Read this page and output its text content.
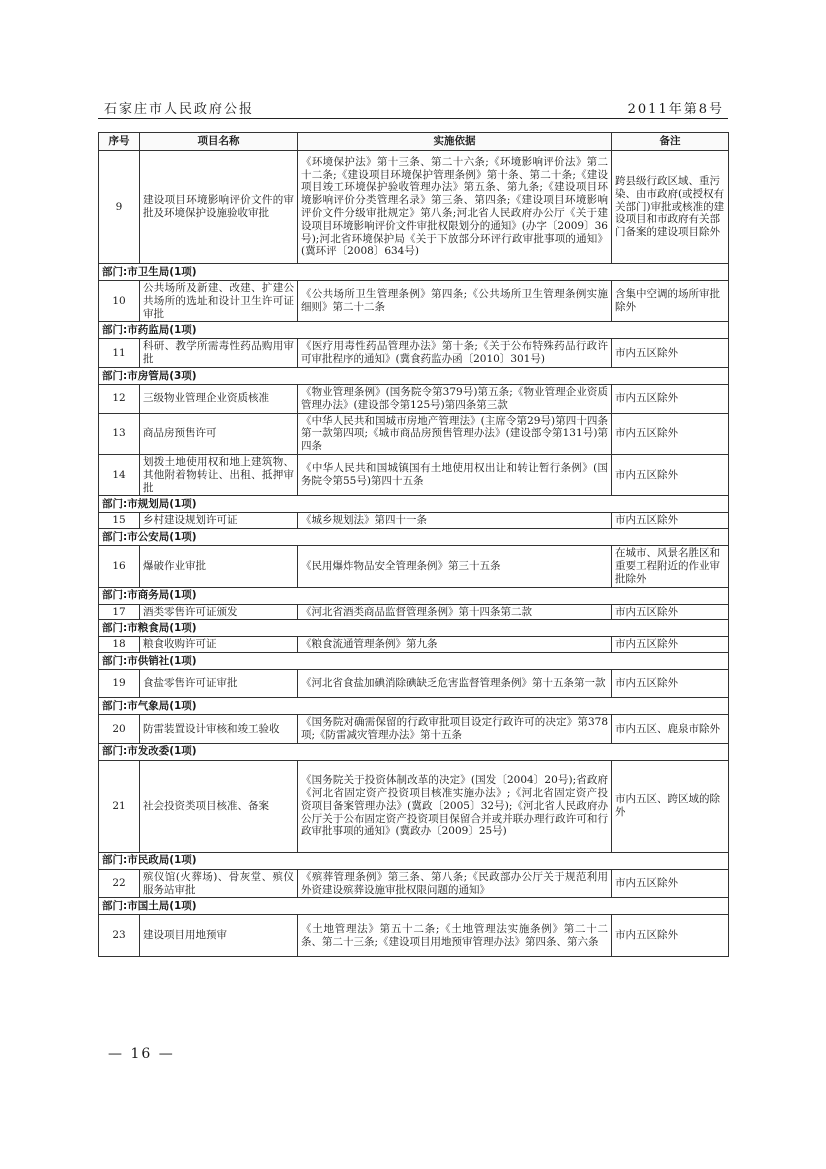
石家庄市人民政府公报	2011年第8号
序号	项目名称	实施依据	备注
9	建设项目环境影响评价文件的审批及环境保护设施验收审批	《环境保护法》第十三条、第二十六条;《环境影响评价法》第二十二条;《建设项目环境保护管理条例》第十条、第二十条;《建设项目竣工环境保护验收管理办法》第五条、第九条;《建设项目环境影响评价分类管理名录》第三条、第四条;《建设项目环境影响评价文件分级审批规定》第八条;河北省人民政府办公厅《关于建设项目环境影响评价文件审批权限划分的通知》(办字〔2009〕36号);河北省环境保护局《关于下放部分环评行政审批事项的通知》(冀环评〔2008〕634号)	跨县级行政区域、重污染、由市政府(或授权有关部门)审批或核准的建设项目和市政府有关部门备案的建设项目除外
部门:市卫生局(1项)			
10	公共场所及新建、改建、扩建公共场所的选址和设计卫生许可证审批	《公共场所卫生管理条例》第四条;《公共场所卫生管理条例实施细则》第二十二条	含集中空调的场所审批除外
部门:市药监局(1项)			
11	科研、教学所需毒性药品购用审批	《医疗用毒性药品管理办法》第十条;《关于公布特殊药品行政许可审批程序的通知》(冀食药监办函〔2010〕301号)	市内五区除外
部门:市房管局(3项)			
12	三级物业管理企业资质核准	《物业管理条例》(国务院令第379号)第五条;《物业管理企业资质管理办法》(建设部令第125号)第四条第三款	市内五区除外
13	商品房预售许可	《中华人民共和国城市房地产管理法》(主席令第29号)第四十四条第一款第四项;《城市商品房预售管理办法》(建设部令第131号)第四条	市内五区除外
14	划拨土地使用权和地上建筑物、其他附着物转让、出租、抵押审批	《中华人民共和国城镇国有土地使用权出让和转让暂行条例》(国务院令第55号)第四十五条	市内五区除外
部门:市规划局(1项)			
15	乡村建设规划许可证	《城乡规划法》第四十一条	市内五区除外
部门:市公安局(1项)			
16	爆破作业审批	《民用爆炸物品安全管理条例》第三十五条	在城市、风景名胜区和重要工程附近的作业审批除外
部门:市商务局(1项)			
17	酒类零售许可证颁发	《河北省酒类商品监督管理条例》第十四条第二款	市内五区除外
部门:市粮食局(1项)			
18	粮食收购许可证	《粮食流通管理条例》第九条	市内五区除外
部门:市供销社(1项)			
19	食盐零售许可证审批	《河北省食盐加碘消除碘缺乏危害监督管理条例》第十五条第一款	市内五区除外
部门:市气象局(1项)			
20	防雷装置设计审核和竣工验收	《国务院对确需保留的行政审批项目设定行政许可的决定》第378项;《防雷减灾管理办法》第十五条	市内五区、鹿泉市除外
部门:市发改委(1项)			
21	社会投资类项目核准、备案	《国务院关于投资体制改革的决定》(国发〔2004〕20号);省政府《河北省固定资产投资项目核准实施办法》;《河北省固定资产投资项目备案管理办法》(冀政〔2005〕32号);《河北省人民政府办公厅关于公布固定资产投资项目保留合并或并联办理行政许可和行政审批事项的通知》(冀政办〔2009〕25号)	市内五区、跨区域的除外
部门:市民政局(1项)			
22	殡仪馆(火葬场)、骨灰堂、殡仪服务站审批	《殡葬管理条例》第三条、第八条;《民政部办公厅关于规范利用外资建设殡葬设施审批权限问题的通知》	市内五区除外
部门:市国土局(1项)			
23	建设项目用地预审	《土地管理法》第五十二条;《土地管理法实施条例》第二十二条、第二十三条;《建设项目用地预审管理办法》第四条、第六条	市内五区除外
— 16 —
